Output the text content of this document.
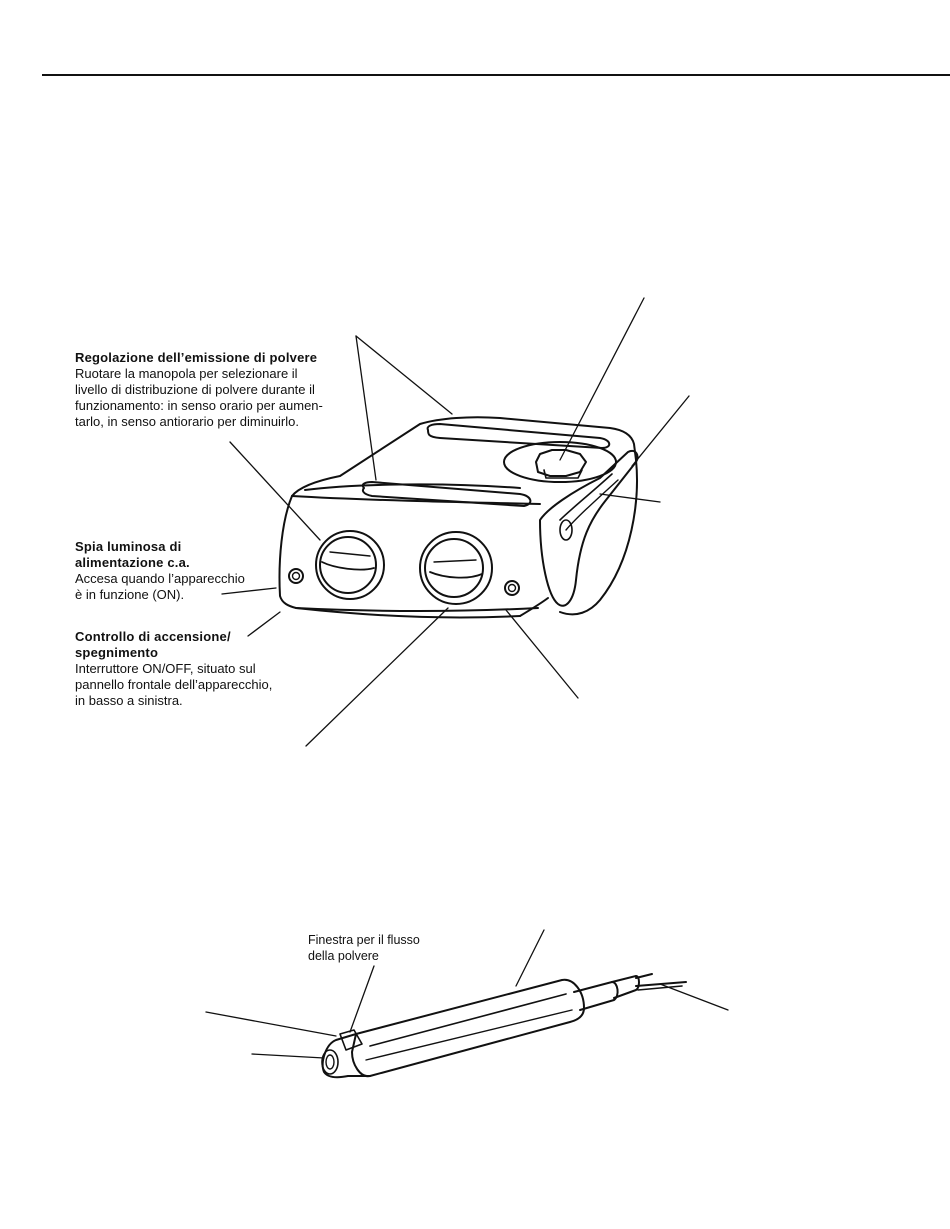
Regolazione dell’emissione di polvere
Ruotare la manopola per selezionare il
livello di distribuzione di polvere durante il
funzionamento: in senso orario per aumen-
tarlo, in senso antiorario per diminuirlo.
Spia luminosa di
alimentazione c.a.
Accesa quando l’apparecchio
è in funzione (ON).
Controllo di accensione/
spegnimento
Interruttore ON/OFF, situato sul
pannello frontale dell’apparecchio,
in basso a sinistra.
Finestra per il flusso
della polvere
